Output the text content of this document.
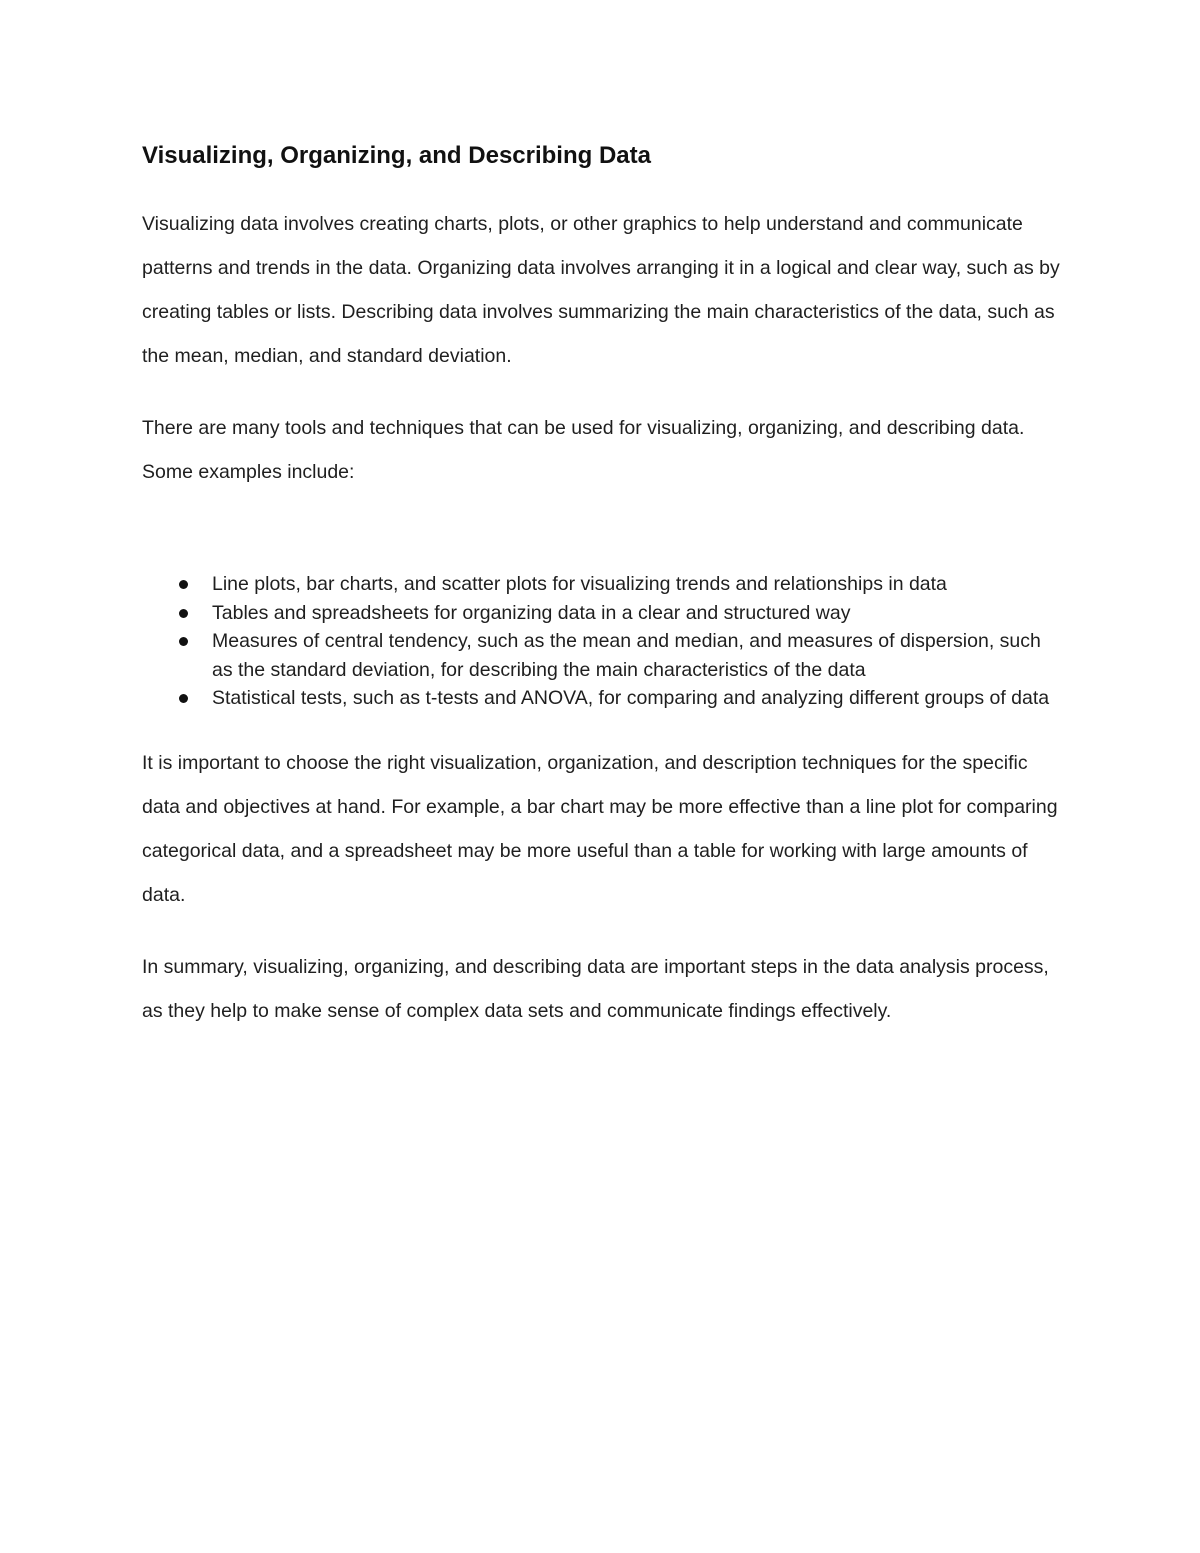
Visualizing, Organizing, and Describing Data

Visualizing data involves creating charts, plots, or other graphics to help understand and communicate patterns and trends in the data. Organizing data involves arranging it in a logical and clear way, such as by creating tables or lists. Describing data involves summarizing the main characteristics of the data, such as the mean, median, and standard deviation.

There are many tools and techniques that can be used for visualizing, organizing, and describing data. Some examples include:

Line plots, bar charts, and scatter plots for visualizing trends and relationships in data
Tables and spreadsheets for organizing data in a clear and structured way
Measures of central tendency, such as the mean and median, and measures of dispersion, such as the standard deviation, for describing the main characteristics of the data
Statistical tests, such as t-tests and ANOVA, for comparing and analyzing different groups of data

It is important to choose the right visualization, organization, and description techniques for the specific data and objectives at hand. For example, a bar chart may be more effective than a line plot for comparing categorical data, and a spreadsheet may be more useful than a table for working with large amounts of data.

In summary, visualizing, organizing, and describing data are important steps in the data analysis process, as they help to make sense of complex data sets and communicate findings effectively.
